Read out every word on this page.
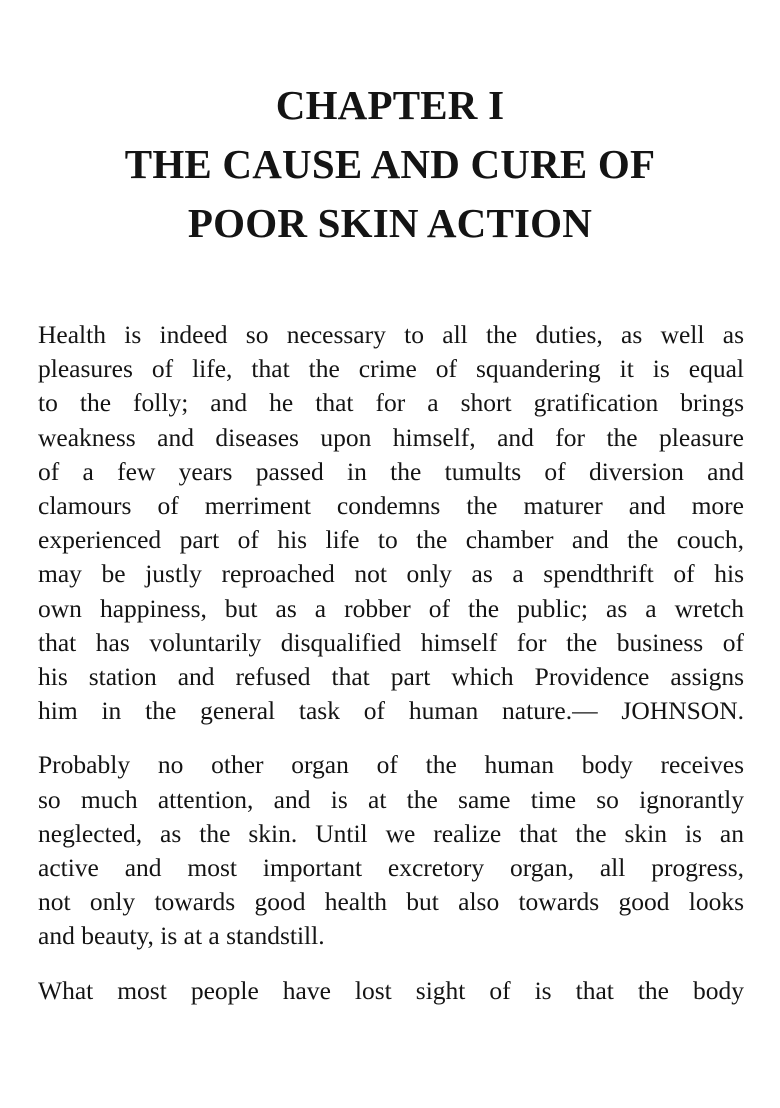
CHAPTER I
THE CAUSE AND CURE OF
POOR SKIN ACTION

Health is indeed so necessary to all the duties, as well as
pleasures of life, that the crime of squandering it is equal
to the folly; and he that for a short gratification brings
weakness and diseases upon himself, and for the pleasure
of a few years passed in the tumults of diversion and
clamours of merriment condemns the maturer and more
experienced part of his life to the chamber and the couch,
may be justly reproached not only as a spendthrift of his
own happiness, but as a robber of the public; as a wretch
that has voluntarily disqualified himself for the business of
his station and refused that part which Providence assigns
him in the general task of human nature.— JOHNSON.

Probably no other organ of the human body receives
so much attention, and is at the same time so ignorantly
neglected, as the skin. Until we realize that the skin is an
active and most important excretory organ, all progress,
not only towards good health but also towards good looks
and beauty, is at a standstill.

What most people have lost sight of is that the body
